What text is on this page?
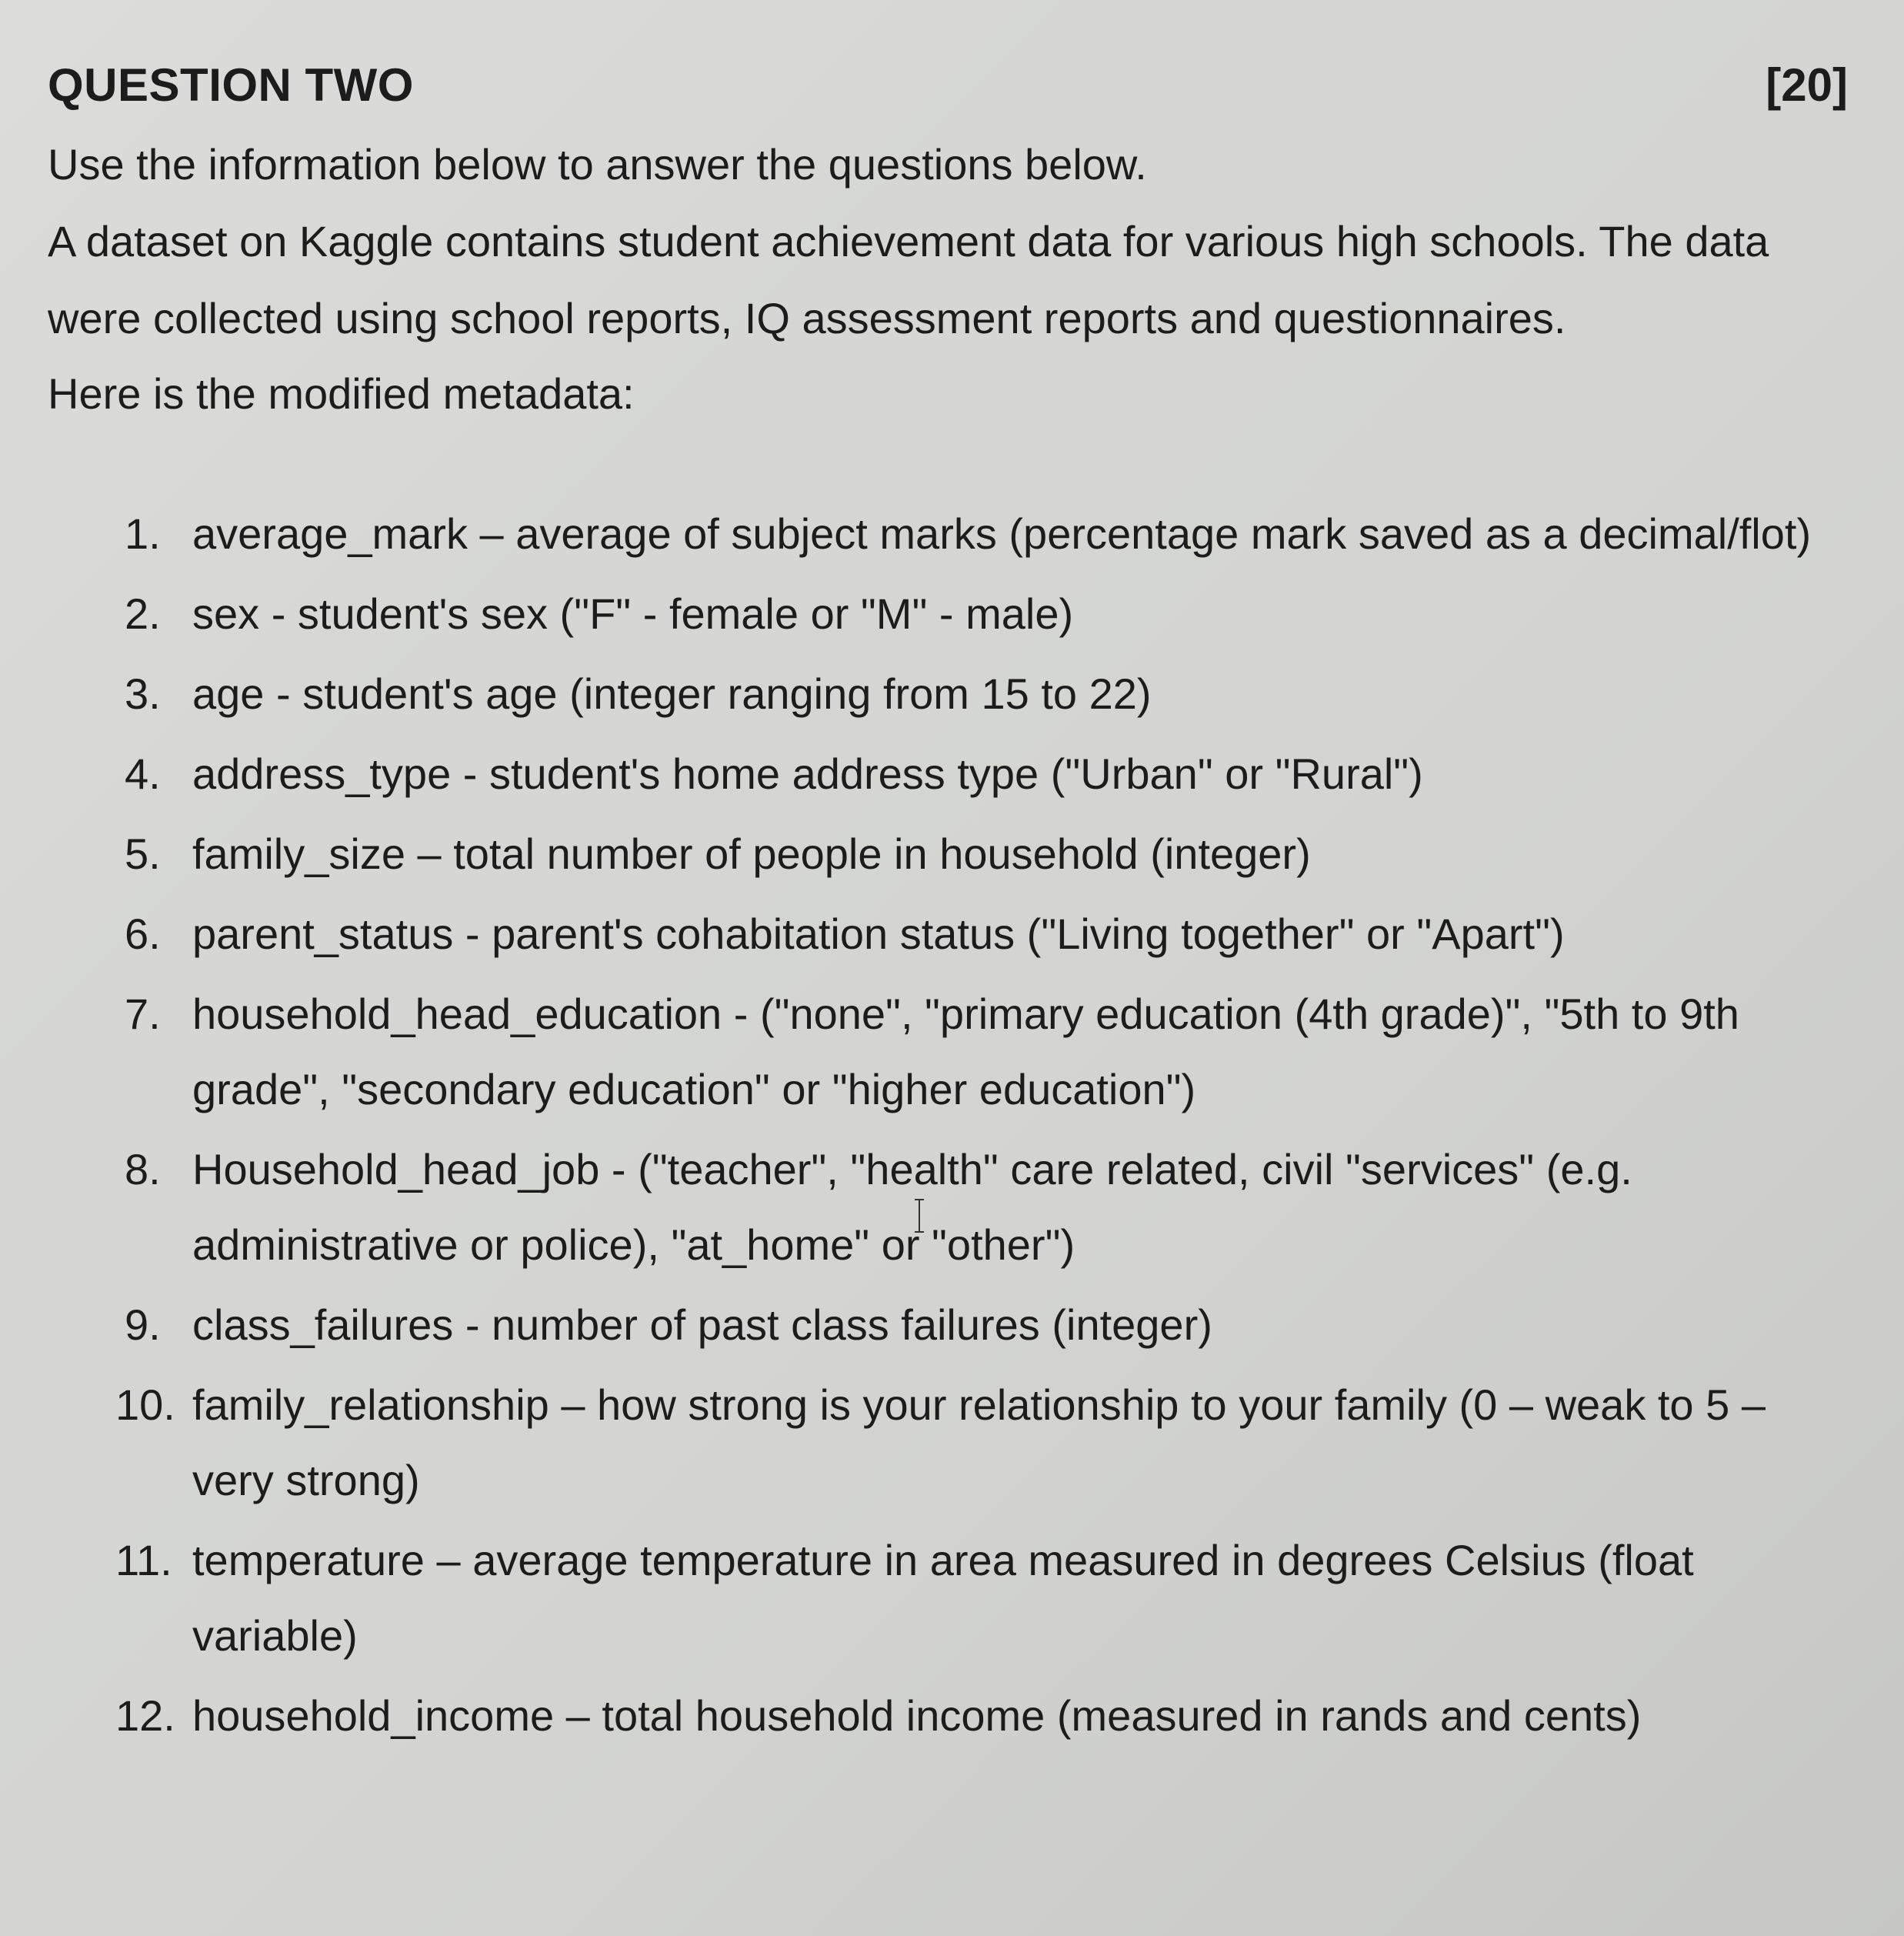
QUESTION TWO	[20]
Use the information below to answer the questions below.
A dataset on Kaggle contains student achievement data for various high schools. The data were collected using school reports, IQ assessment reports and questionnaires.
Here is the modified metadata:
1. average_mark – average of subject marks (percentage mark saved as a decimal/flot)
2. sex - student's sex ("F" - female or "M" - male)
3. age - student's age (integer ranging from 15 to 22)
4. address_type - student's home address type ("Urban" or "Rural")
5. family_size – total number of people in household (integer)
6. parent_status - parent's cohabitation status ("Living together" or "Apart")
7. household_head_education - ("none", "primary education (4th grade)", "5th to 9th grade", "secondary education" or "higher education")
8. Household_head_job - ("teacher", "health" care related, civil "services" (e.g. administrative or police), "at_home" or "other")
9. class_failures - number of past class failures (integer)
10. family_relationship – how strong is your relationship to your family (0 – weak to 5 – very strong)
11. temperature – average temperature in area measured in degrees Celsius (float variable)
12. household_income – total household income (measured in rands and cents)
